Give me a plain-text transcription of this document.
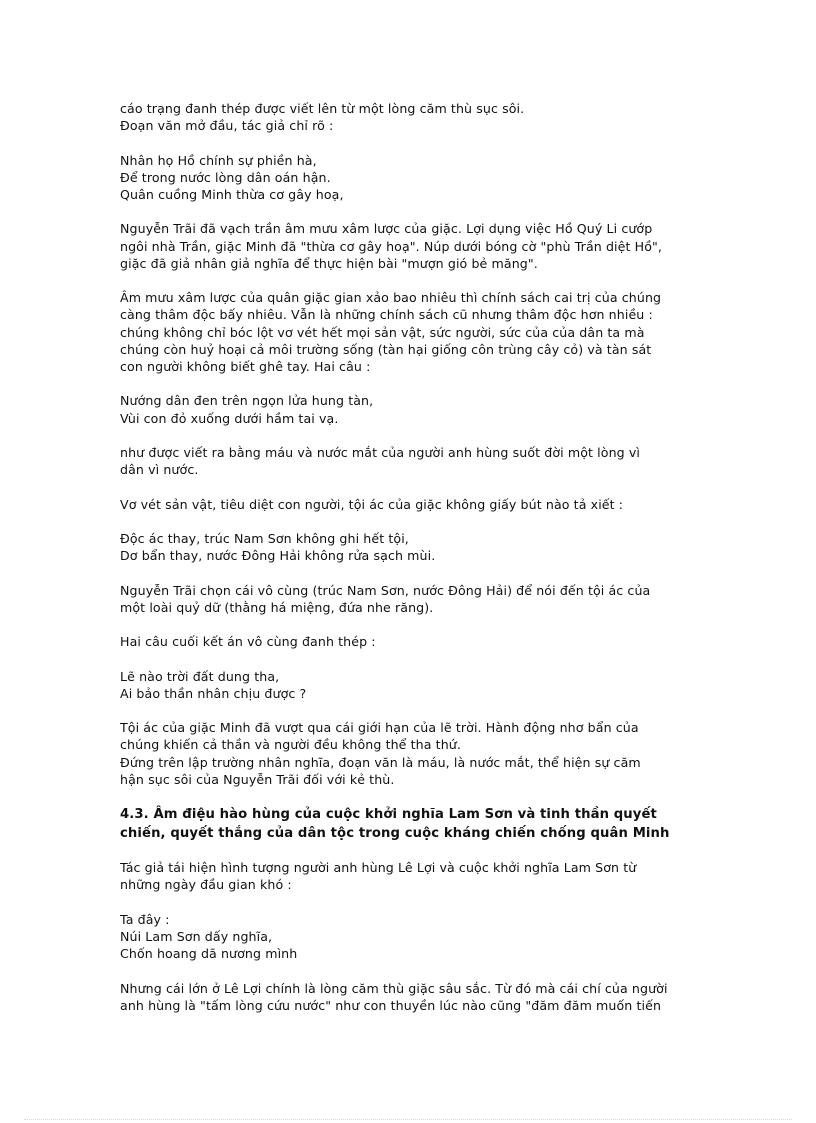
cáo trạng đanh thép được viết lên từ một lòng căm thù sục sôi.
Đoạn văn mở đầu, tác giả chỉ rõ :
Nhân họ Hồ chính sự phiền hà,
Để trong nước lòng dân oán hận.
Quân cuồng Minh thừa cơ gây hoạ,
Nguyễn Trãi đã vạch trần âm mưu xâm lược của giặc. Lợi dụng việc Hồ Quý Li cướp
ngôi nhà Trần, giặc Minh đã "thừa cơ gây hoạ". Núp dưới bóng cờ "phù Trần diệt Hồ",
giặc đã giả nhân giả nghĩa để thực hiện bài "mượn gió bẻ măng".
Âm mưu xâm lược của quân giặc gian xảo bao nhiêu thì chính sách cai trị của chúng
càng thâm độc bấy nhiêu. Vẫn là những chính sách cũ nhưng thâm độc hơn nhiều :
chúng không chỉ bóc lột vơ vét hết mọi sản vật, sức người, sức của của dân ta mà
chúng còn huỷ hoại cả môi trường sống (tàn hại giống côn trùng cây cỏ) và tàn sát
con người không biết ghê tay. Hai câu :
Nướng dân đen trên ngọn lửa hung tàn,
Vùi con đỏ xuống dưới hầm tai vạ.
như được viết ra bằng máu và nước mắt của người anh hùng suốt đời một lòng vì
dân vì nước.
Vơ vét sản vật, tiêu diệt con người, tội ác của giặc không giấy bút nào tả xiết :
Độc ác thay, trúc Nam Sơn không ghi hết tội,
Dơ bẩn thay, nước Đông Hải không rửa sạch mùi.
Nguyễn Trãi chọn cái vô cùng (trúc Nam Sơn, nước Đông Hải) để nói đến tội ác của
một loài quỷ dữ (thằng há miệng, đứa nhe răng).
Hai câu cuối kết án vô cùng đanh thép :
Lẽ nào trời đất dung tha,
Ai bảo thần nhân chịu được ?
Tội ác của giặc Minh đã vượt qua cái giới hạn của lẽ trời. Hành động nhơ bẩn của
chúng khiến cả thần và người đều không thể tha thứ.
Đứng trên lập trường nhân nghĩa, đoạn văn là máu, là nước mắt, thể hiện sự căm
hận sục sôi của Nguyễn Trãi đối với kẻ thù.
4.3. Âm điệu hào hùng của cuộc khởi nghĩa Lam Sơn và tinh thần quyết
chiến, quyết thắng của dân tộc trong cuộc kháng chiến chống quân Minh
Tác giả tái hiện hình tượng người anh hùng Lê Lợi và cuộc khởi nghĩa Lam Sơn từ
những ngày đầu gian khó :
Ta đây :
Núi Lam Sơn dấy nghĩa,
Chốn hoang dã nương mình
Nhưng cái lớn ở Lê Lợi chính là lòng căm thù giặc sâu sắc. Từ đó mà cái chí của người
anh hùng là "tấm lòng cứu nước" như con thuyền lúc nào cũng "đăm đăm muốn tiến
